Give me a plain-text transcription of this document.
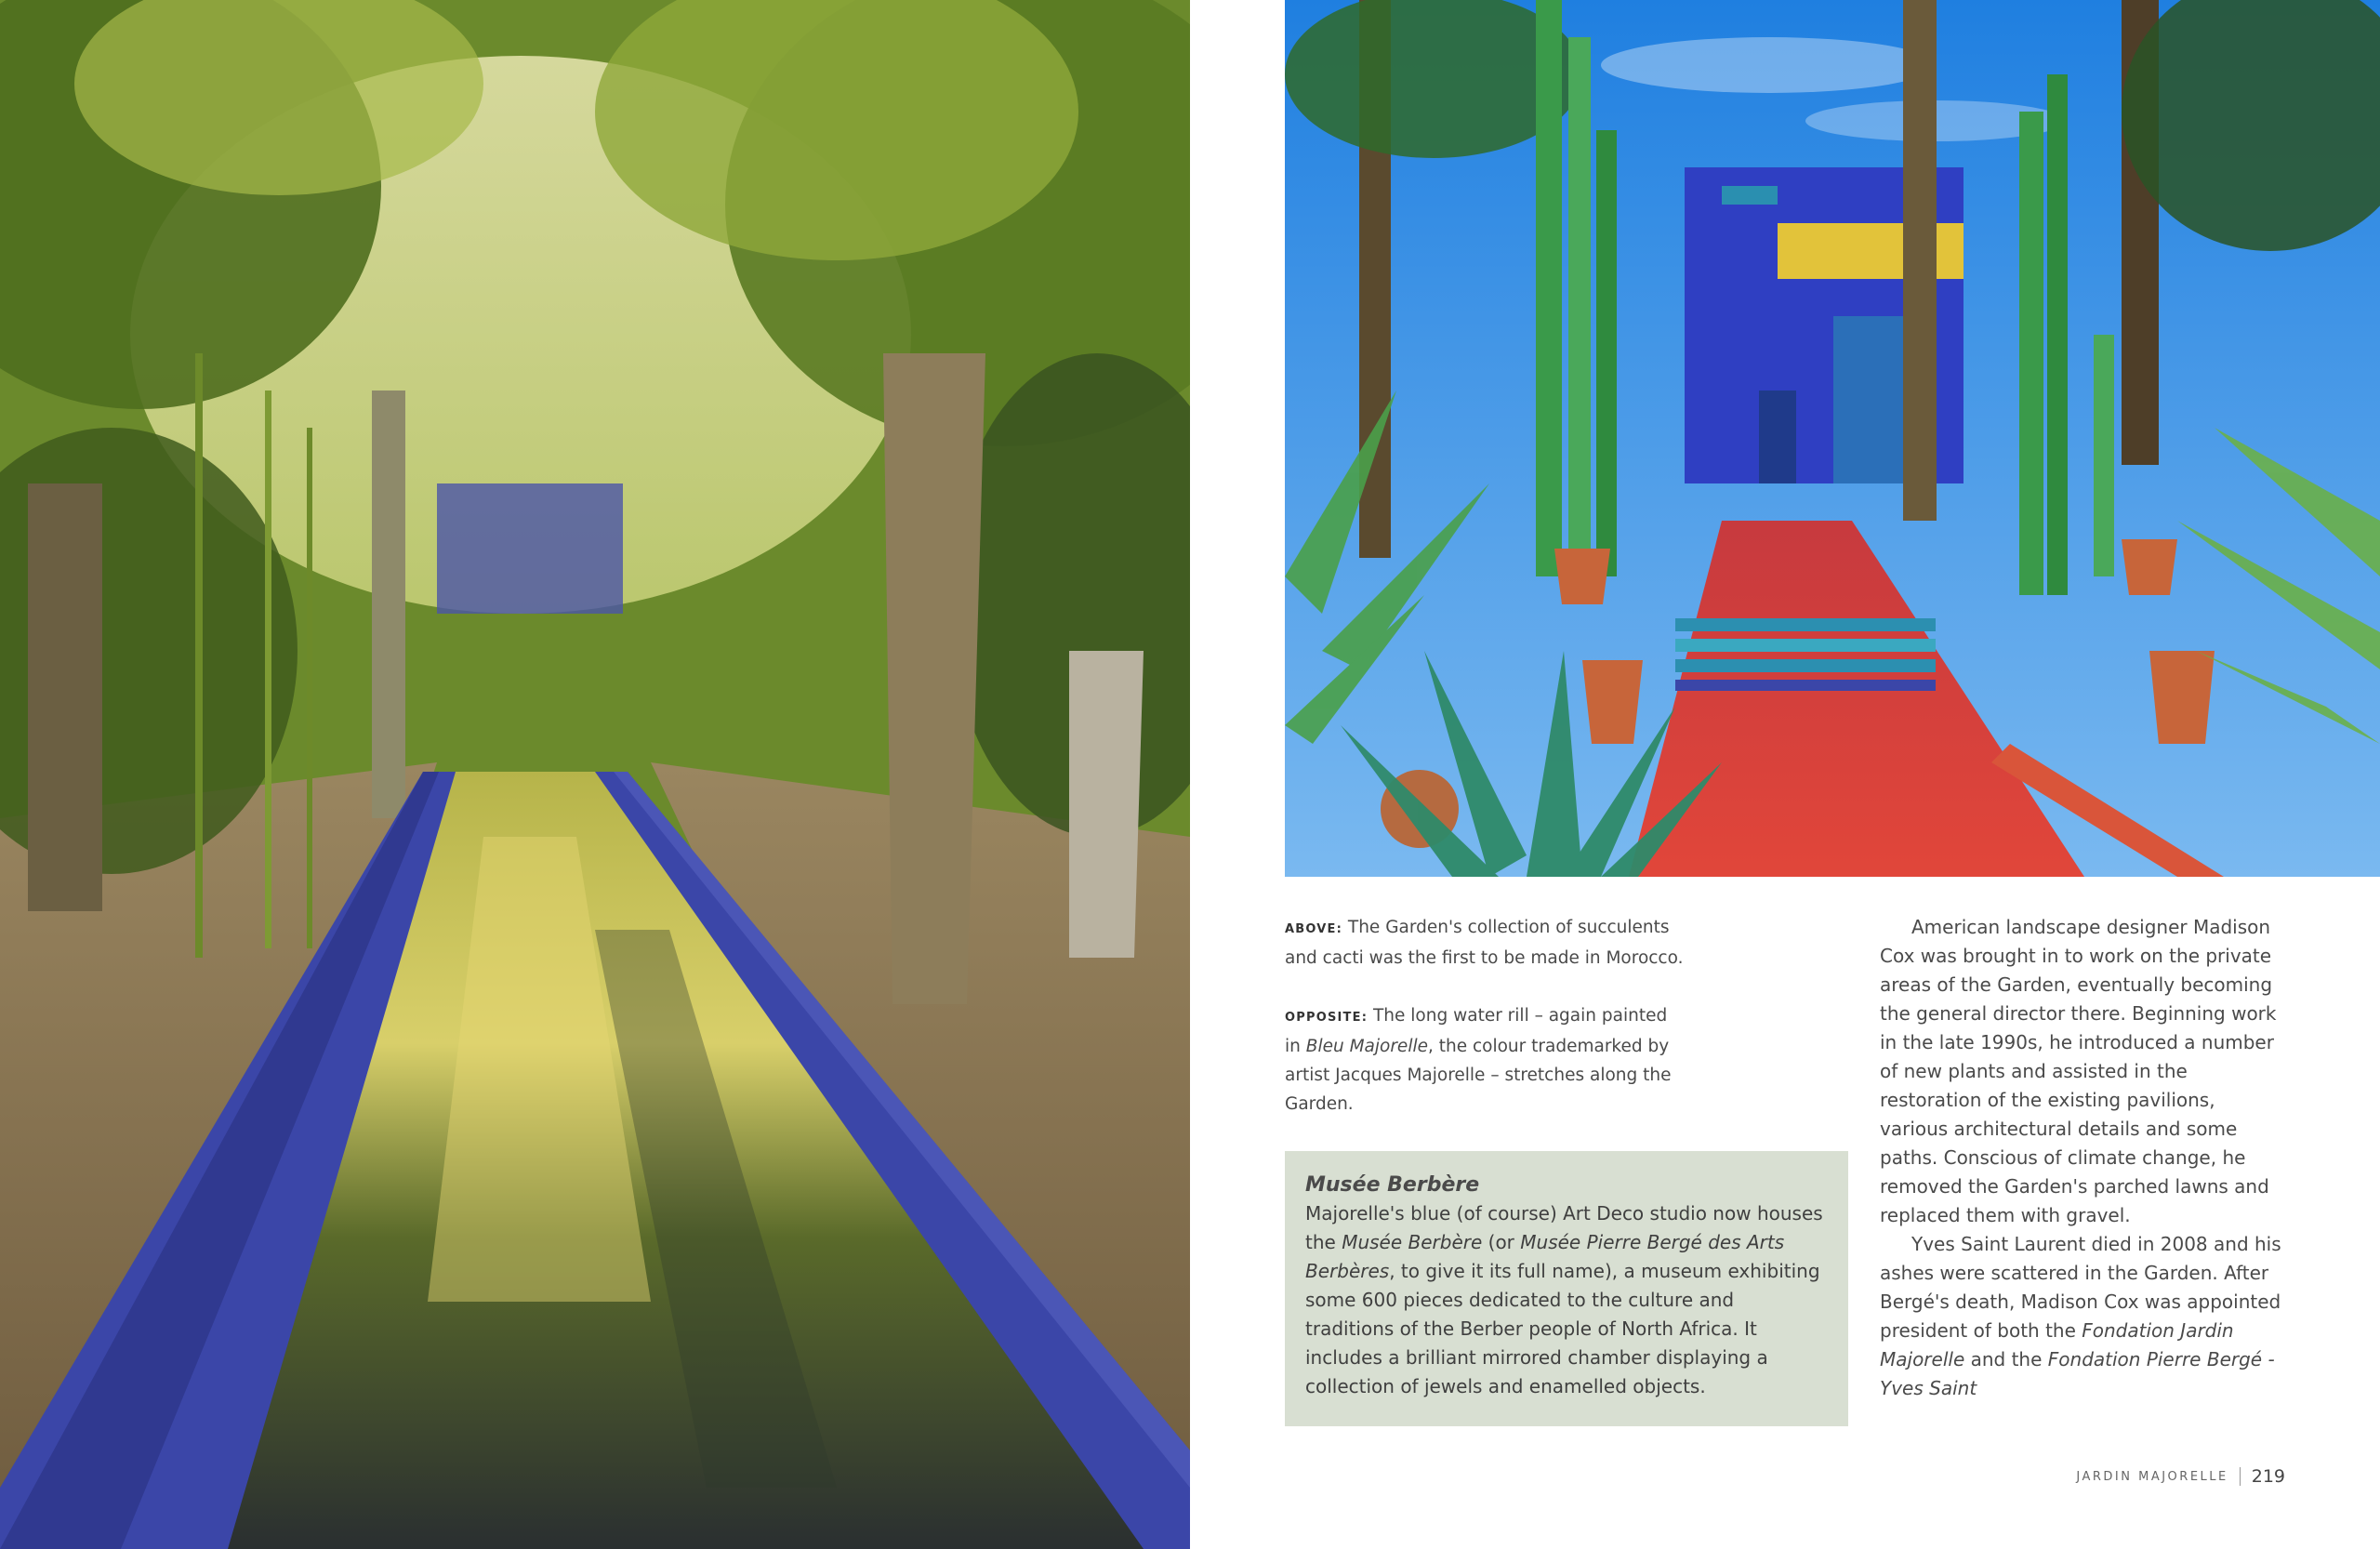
ABOVE: The Garden's collection of succulents and cacti was the first to be made in Morocco.

OPPOSITE: The long water rill – again painted in Bleu Majorelle, the colour trademarked by artist Jacques Majorelle – stretches along the Garden.

Musée Berbère
Majorelle's blue (of course) Art Deco studio now houses the Musée Berbère (or Musée Pierre Bergé des Arts Berbères, to give it its full name), a museum exhibiting some 600 pieces dedicated to the culture and traditions of the Berber people of North Africa. It includes a brilliant mirrored chamber displaying a collection of jewels and enamelled objects.

American landscape designer Madison Cox was brought in to work on the private areas of the Garden, eventually becoming the general director there. Beginning work in the late 1990s, he introduced a number of new plants and assisted in the restoration of the existing pavilions, various architectural details and some paths. Conscious of climate change, he removed the Garden's parched lawns and replaced them with gravel.

Yves Saint Laurent died in 2008 and his ashes were scattered in the Garden. After Bergé's death, Madison Cox was appointed president of both the Fondation Jardin Majorelle and the Fondation Pierre Bergé - Yves Saint

JARDIN MAJORELLE 219
